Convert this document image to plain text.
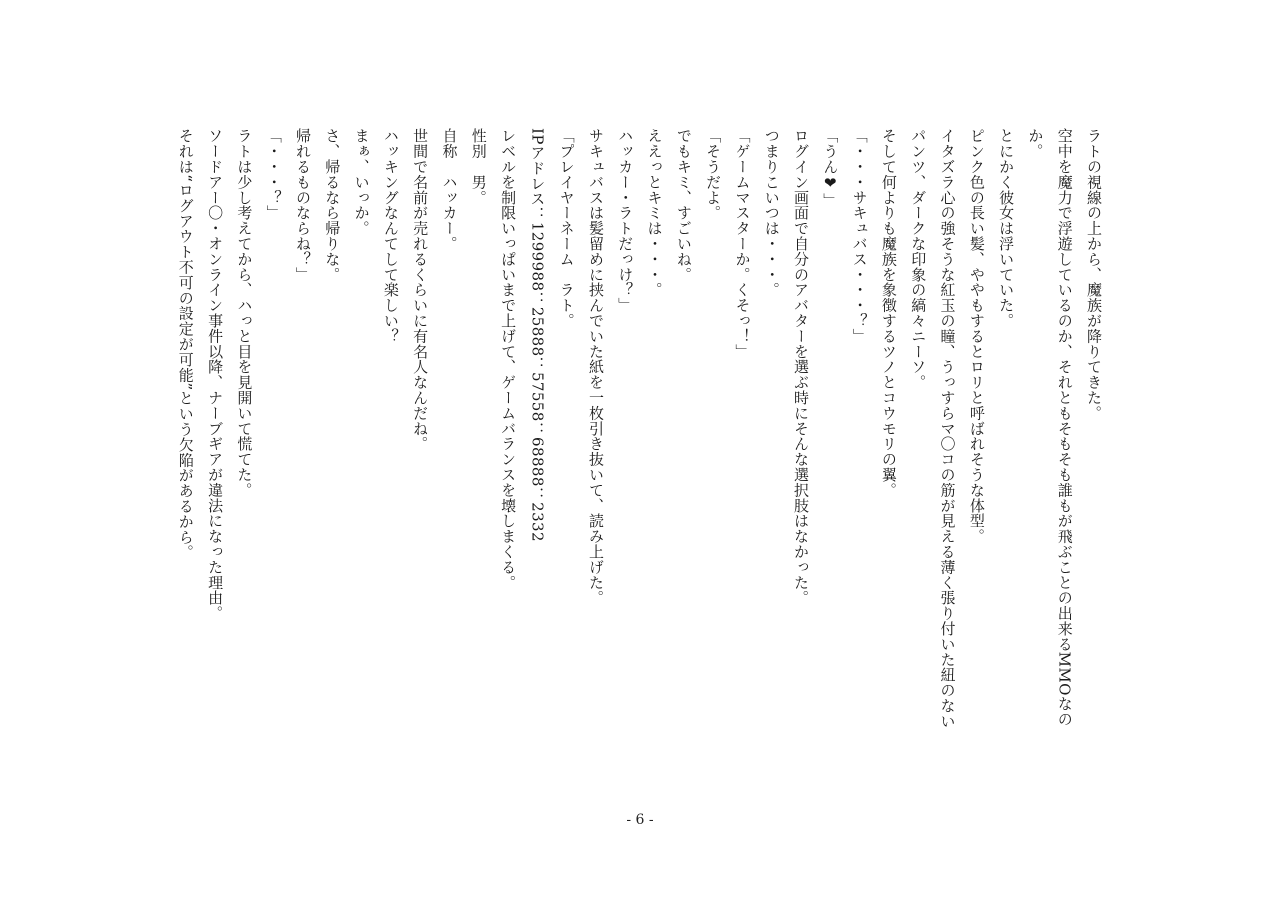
ラトの視線の上から、魔族が降りてきた。
空中を魔力で浮遊しているのか、それともそもそも誰もが飛ぶことの出来るMMOなの
か。
とにかく彼女は浮いていた。
ピンク色の長い髪、ややもするとロリと呼ばれそうな体型。
イタズラ心の強そうな紅玉の瞳、うっすらマ〇コの筋が見える薄く張り付いた紐のない
パンツ、ダークな印象の縞々ニーソ。
そして何よりも魔族を象徴するツノとコウモリの翼。
「・・・サキュバス・・・？」
「うん❤」
ログイン画面で自分のアバターを選ぶ時にそんな選択肢はなかった。
つまりこいつは・・・。
「ゲームマスターか。くそっ！」
「そうだよ。
でもキミ、すごいね。
ええっとキミは・・・。
ハッカー・ラトだっけ？」
サキュバスは髪留めに挟んでいた紙を一枚引き抜いて、読み上げた。
「プレイヤーネーム　ラト。
IPアドレス：1299988：25888：57558：68888：2332
レベルを制限いっぱいまで上げて、ゲームバランスを壊しまくる。
性別　男。
自称　ハッカー。
世間で名前が売れるくらいに有名人なんだね。
ハッキングなんてして楽しい？
まぁ、いっか。
さ、帰るなら帰りな。
帰れるものならね？」
「・・・？」
ラトは少し考えてから、ハっと目を見開いて慌てた。
ソードアー〇・オンライン事件以降、ナーブギアが違法になった理由。
それは“ログアウト不可の設定が可能”という欠陥があるから。
- 6 -
